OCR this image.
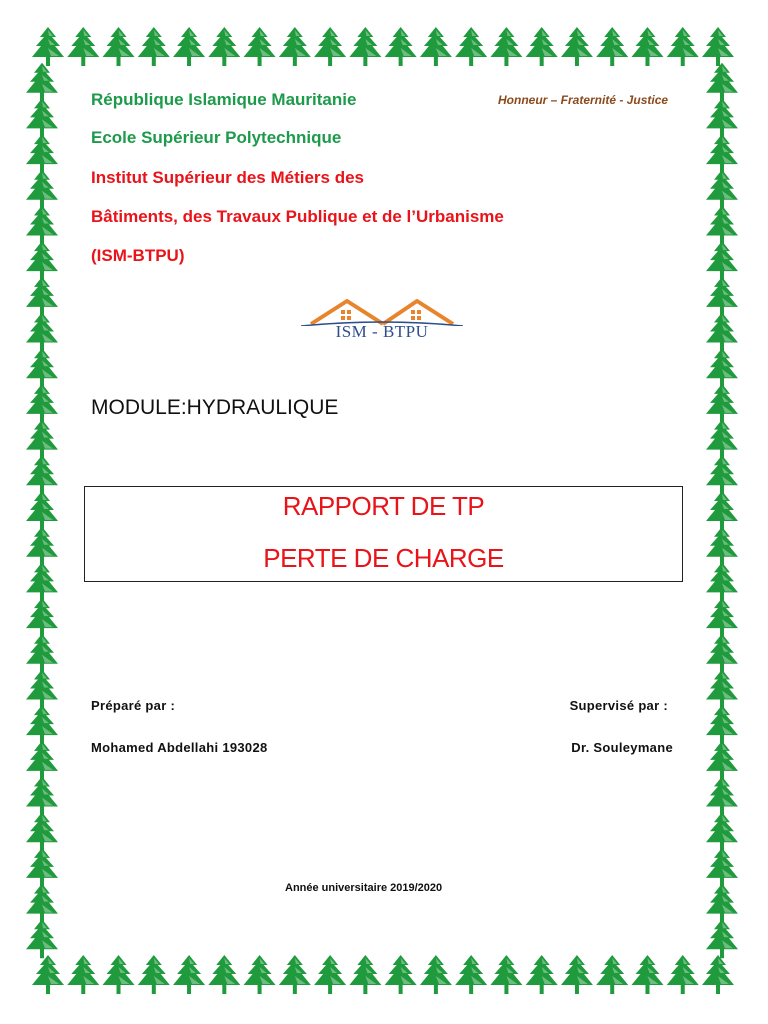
République Islamique Mauritanie	Honneur – Fraternité - Justice
Ecole Supérieur Polytechnique
Institut Supérieur des Métiers des
Bâtiments, des Travaux Publique et de l’Urbanisme
(ISM-BTPU)
ISM - BTPU
MODULE:HYDRAULIQUE
RAPPORT DE TP
PERTE DE CHARGE
Préparé par :	Supervisé par :
Mohamed Abdellahi 193028	Dr. Souleymane
Année universitaire 2019/2020
